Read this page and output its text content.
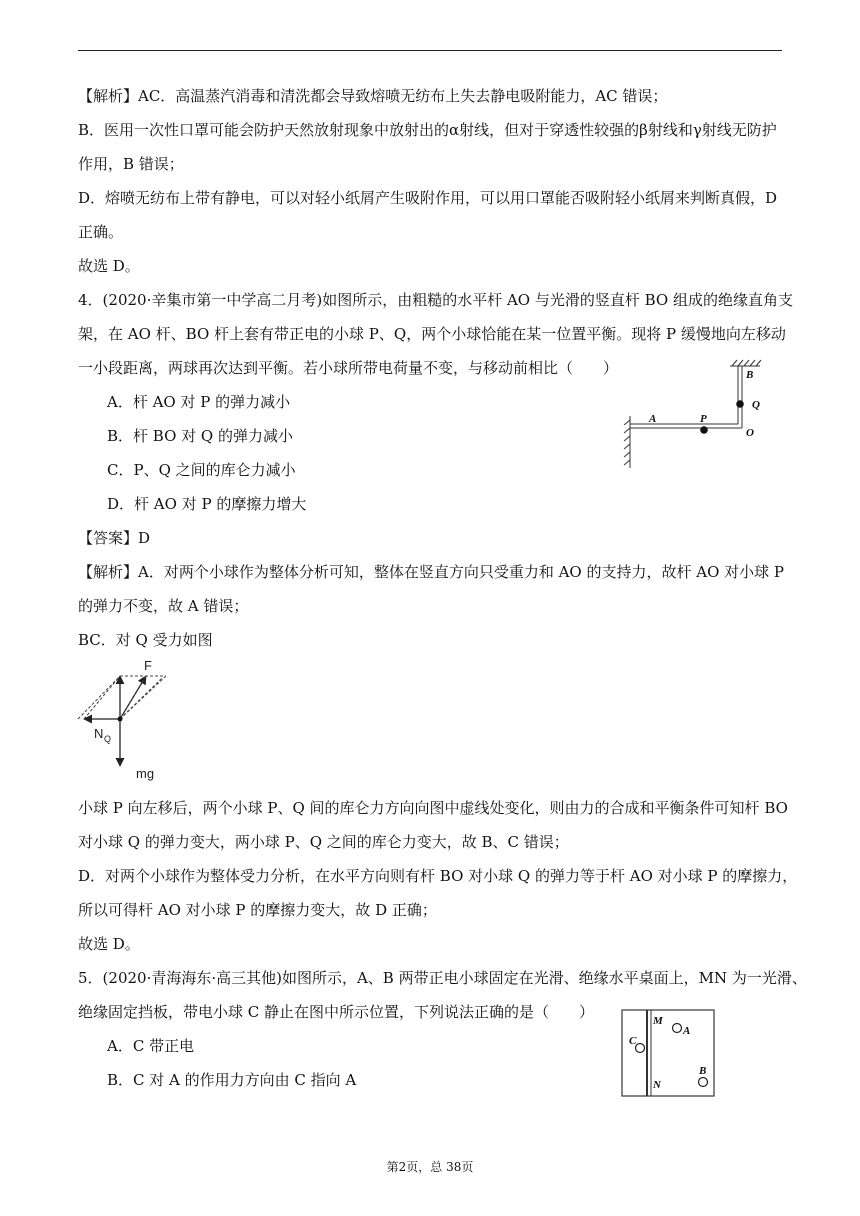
【解析】AC．高温蒸汽消毒和清洗都会导致熔喷无纺布上失去静电吸附能力，AC 错误；
B．医用一次性口罩可能会防护天然放射现象中放射出的α射线，但对于穿透性较强的β射线和γ射线无防护
作用，B 错误；
D．熔喷无纺布上带有静电，可以对轻小纸屑产生吸附作用，可以用口罩能否吸附轻小纸屑来判断真假，D
正确。
故选 D。
4．(2020·辛集市第一中学高二月考)如图所示，由粗糙的水平杆 AO 与光滑的竖直杆 BO 组成的绝缘直角支
架，在 AO 杆、BO 杆上套有带正电的小球 P、Q，两个小球恰能在某一位置平衡。现将 P 缓慢地向左移动
一小段距离，两球再次达到平衡。若小球所带电荷量不变，与移动前相比（　　）
A．杆 AO 对 P 的弹力减小
B．杆 BO 对 Q 的弹力减小
C．P、Q 之间的库仑力减小
D．杆 AO 对 P 的摩擦力增大
【答案】D
【解析】A．对两个小球作为整体分析可知，整体在竖直方向只受重力和 AO 的支持力，故杆 AO 对小球 P
的弹力不变，故 A 错误；
BC．对 Q 受力如图
小球 P 向左移后，两个小球 P、Q 间的库仑力方向向图中虚线处变化，则由力的合成和平衡条件可知杆 BO
对小球 Q 的弹力变大，两小球 P、Q 之间的库仑力变大，故 B、C 错误；
D．对两个小球作为整体受力分析，在水平方向则有杆 BO 对小球 Q 的弹力等于杆 AO 对小球 P 的摩擦力，
所以可得杆 AO 对小球 P 的摩擦力变大，故 D 正确；
故选 D。
5．(2020·青海海东·高三其他)如图所示，A、B 两带正电小球固定在光滑、绝缘水平桌面上，MN 为一光滑、
绝缘固定挡板，带电小球 C 静止在图中所示位置，下列说法正确的是（　　）
A．C 带正电
B．C 对 A 的作用力方向由 C 指向 A
B
Q
A	P
O
F
N Q
mg
M
A
C
N
B
第2页，总 38页
